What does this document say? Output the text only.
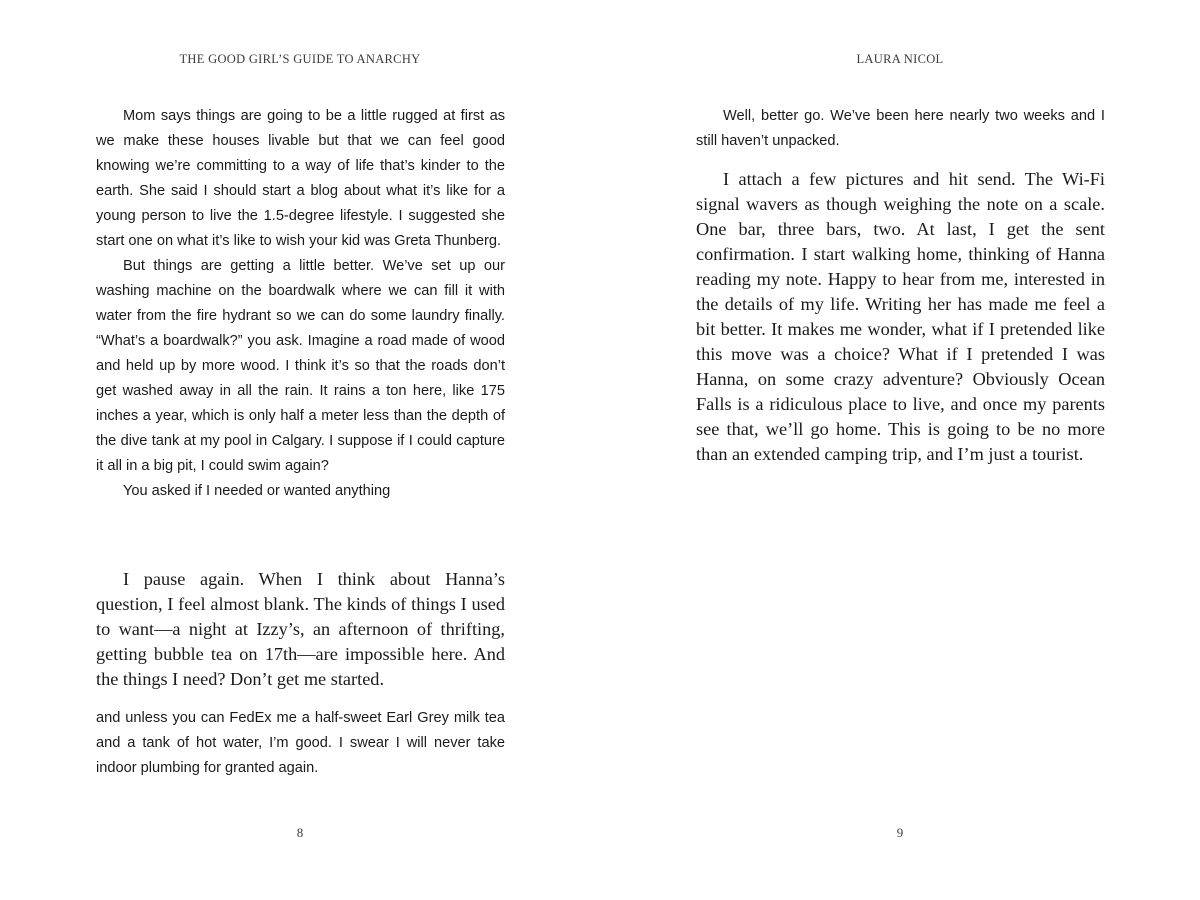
THE GOOD GIRL’S GUIDE TO ANARCHY

Mom says things are going to be a little rugged at first as we make these houses livable but that we can feel good knowing we’re committing to a way of life that’s kinder to the earth. She said I should start a blog about what it’s like for a young person to live the 1.5-degree lifestyle. I suggested she start one on what it’s like to wish your kid was Greta Thunberg.

But things are getting a little better. We’ve set up our washing machine on the boardwalk where we can fill it with water from the fire hydrant so we can do some laundry finally. “What’s a boardwalk?” you ask. Imagine a road made of wood and held up by more wood. I think it’s so that the roads don’t get washed away in all the rain. It rains a ton here, like 175 inches a year, which is only half a meter less than the depth of the dive tank at my pool in Calgary. I suppose if I could capture it all in a big pit, I could swim again?

You asked if I needed or wanted anything

I pause again. When I think about Hanna’s question, I feel almost blank. The kinds of things I used to want—a night at Izzy’s, an afternoon of thrifting, getting bubble tea on 17th—are impossible here. And the things I need? Don’t get me started.

and unless you can FedEx me a half-sweet Earl Grey milk tea and a tank of hot water, I’m good. I swear I will never take indoor plumbing for granted again.

8
LAURA NICOL

Well, better go. We’ve been here nearly two weeks and I still haven’t unpacked.

I attach a few pictures and hit send. The Wi-Fi signal wavers as though weighing the note on a scale. One bar, three bars, two. At last, I get the sent confirmation. I start walking home, thinking of Hanna reading my note. Happy to hear from me, interested in the details of my life. Writing her has made me feel a bit better. It makes me wonder, what if I pretended like this move was a choice? What if I pretended I was Hanna, on some crazy adventure? Obviously Ocean Falls is a ridiculous place to live, and once my parents see that, we’ll go home. This is going to be no more than an extended camping trip, and I’m just a tourist.

9
